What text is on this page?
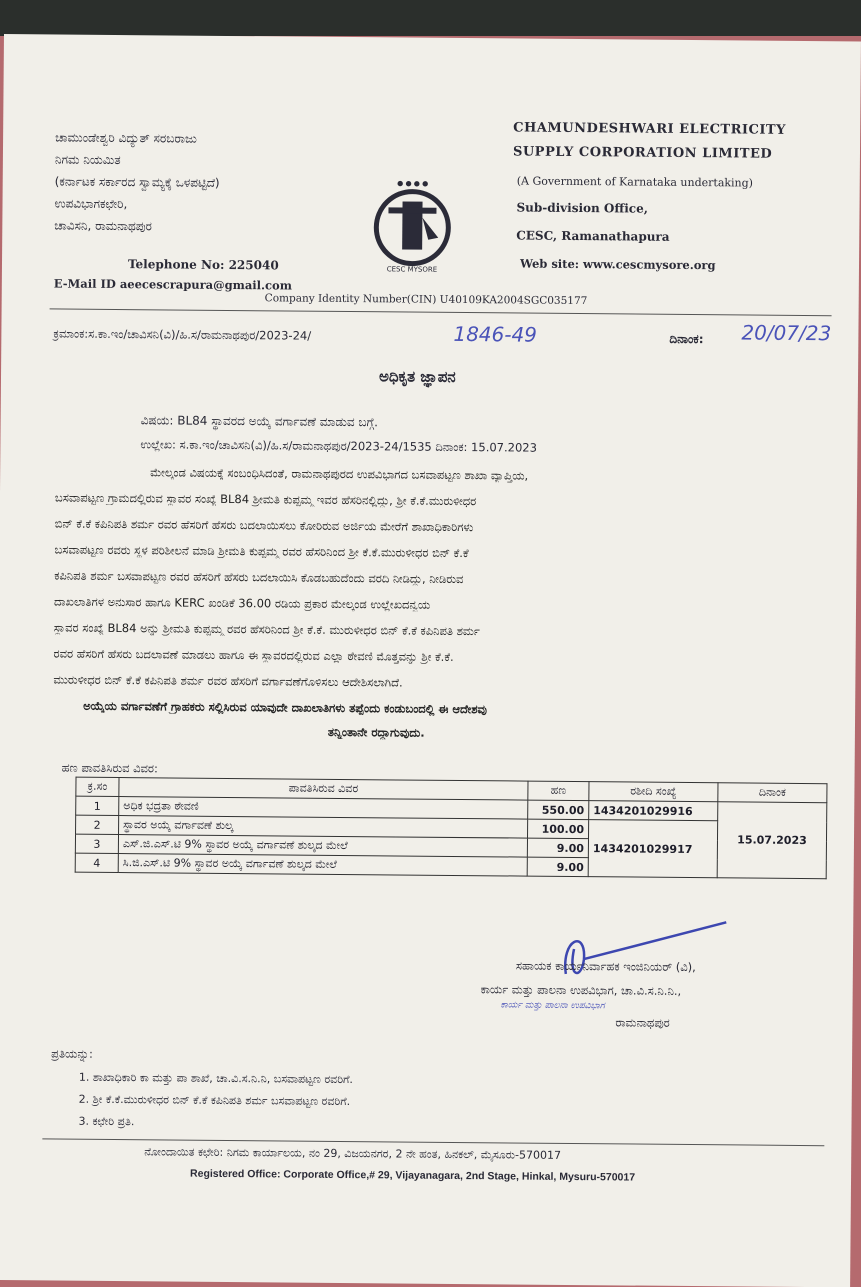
ಚಾಮುಂಡೇಶ್ವರಿ ವಿದ್ಯುತ್ ಸರಬರಾಜು
ನಿಗಮ ನಿಯಮಿತ
(ಕರ್ನಾಟಕ ಸರ್ಕಾರದ ಸ್ವಾಮ್ಯಕ್ಕೆ ಒಳಪಟ್ಟಿದೆ)
ಉಪವಿಭಾಗಕಛೇರಿ,
ಚಾವಿಸನಿ, ರಾಮನಾಥಪುರ
Telephone No: 225040
E-Mail ID aeecescrapura@gmail.com
● ● ● ●
CESC MYSORE
CHAMUNDESHWARI ELECTRICITY
SUPPLY CORPORATION LIMITED
(A Government of Karnataka undertaking)
Sub-division Office,
CESC, Ramanathapura
Web site: www.cescmysore.org
Company Identity Number(CIN) U40109KA2004SGC035177
ಕ್ರಮಾಂಕ:ಸ.ಕಾ.ಇಂ/ಚಾವಿಸನಿ(ವಿ)/ಹಿ.ಸ/ರಾಮನಾಥಪುರ/2023-24/	1846-49	ದಿನಾಂಕ: 20/07/23
ಅಧಿಕೃತ ಜ್ಞಾಪನ
ವಿಷಯ: BL84 ಸ್ಥಾವರದ ಅಯ್ಕೆ ವರ್ಗಾವಣೆ ಮಾಡುವ ಬಗ್ಗೆ.
ಉಲ್ಲೇಖ: ಸ.ಕಾ.ಇಂ/ಚಾವಿಸನಿ(ವಿ)/ಹಿ.ಸ/ರಾಮನಾಥಪುರ/2023-24/1535 ದಿನಾಂಕ: 15.07.2023
ಮೇಲ್ಕಂಡ ವಿಷಯಕ್ಕೆ ಸಂಬಂಧಿಸಿದಂತೆ, ರಾಮನಾಥಪುರದ ಉಪವಿಭಾಗದ ಬಸವಾಪಟ್ಟಣ ಶಾಖಾ ವ್ಯಾಪ್ತಿಯ,
ಬಸವಾಪಟ್ಟಣ ಗ್ರಾಮದಲ್ಲಿರುವ ಸ್ಥಾವರ ಸಂಖ್ಯೆ BL84 ಶ್ರೀಮತಿ ಕುಪ್ಪಮ್ಮ ಇವರ ಹೆಸರಿನಲ್ಲಿದ್ದು, ಶ್ರೀ ಕೆ.ಕೆ.ಮುರುಳೀಧರ
ಬಿನ್ ಕೆ.ಕೆ ಕಪಿನಿಪತಿ ಶರ್ಮ ರವರ ಹೆಸರಿಗೆ ಹೆಸರು ಬದಲಾಯಿಸಲು ಕೋರಿರುವ ಅರ್ಜಿಯ ಮೇರೆಗೆ ಶಾಖಾಧಿಕಾರಿಗಳು
ಬಸವಾಪಟ್ಟಣ ರವರು ಸ್ಥಳ ಪರಿಶೀಲನೆ ಮಾಡಿ ಶ್ರೀಮತಿ ಕುಪ್ಪಮ್ಮ ರವರ ಹೆಸರಿನಿಂದ ಶ್ರೀ ಕೆ.ಕೆ.ಮುರುಳೀಧರ ಬಿನ್ ಕೆ.ಕೆ
ಕಪಿನಿಪತಿ ಶರ್ಮ ಬಸವಾಪಟ್ಟಣ ರವರ ಹೆಸರಿಗೆ ಹೆಸರು ಬದಲಾಯಿಸಿ ಕೊಡಬಹುದೆಂದು ವರದಿ ನೀಡಿದ್ದು, ನೀಡಿರುವ
ದಾಖಲಾತಿಗಳ ಅನುಸಾರ ಹಾಗೂ KERC ಖಂಡಿಕೆ 36.00 ರಡಿಯ ಪ್ರಕಾರ ಮೇಲ್ಕಂಡ ಉಲ್ಲೇಖದನ್ವಯ
ಸ್ಥಾವರ ಸಂಖ್ಯೆ BL84 ಅನ್ನು ಶ್ರೀಮತಿ ಕುಪ್ಪಮ್ಮ ರವರ ಹೆಸರಿನಿಂದ ಶ್ರೀ ಕೆ.ಕೆ. ಮುರುಳೀಧರ ಬಿನ್ ಕೆ.ಕೆ ಕಪಿನಿಪತಿ ಶರ್ಮ
ರವರ ಹೆಸರಿಗೆ ಹೆಸರು ಬದಲಾವಣೆ ಮಾಡಲು ಹಾಗೂ ಈ ಸ್ಥಾವರದಲ್ಲಿರುವ ಎಲ್ಲಾ ಠೇವಣಿ ಮೊತ್ತವನ್ನು ಶ್ರೀ ಕೆ.ಕೆ.
ಮುರುಳೀಧರ ಬಿನ್ ಕೆ.ಕೆ ಕಪಿನಿಪತಿ ಶರ್ಮ ರವರ ಹೆಸರಿಗೆ ವರ್ಗಾವಣೆಗೊಳಿಸಲು ಆದೇಶಿಸಲಾಗಿದೆ.
ಅಯ್ಕೆಯ ವರ್ಗಾವಣೆಗೆ ಗ್ರಾಹಕರು ಸಲ್ಲಿಸಿರುವ ಯಾವುದೇ ದಾಖಲಾತಿಗಳು ತಪ್ಪೆಂದು ಕಂಡುಬಂದಲ್ಲಿ ಈ ಆದೇಶವು
ತನ್ನಿಂತಾನೇ ರದ್ದಾಗುವುದು.
ಹಣ ಪಾವತಿಸಿರುವ ವಿವರ:
ಕ್ರ.ಸಂ	ಪಾವತಿಸಿರುವ ವಿವರ	ಹಣ	ರಶೀದಿ ಸಂಖ್ಯೆ	ದಿನಾಂಕ
1	ಅಧಿಕ ಭದ್ರತಾ ಠೇವಣಿ	550.00	1434201029916	15.07.2023
2	ಸ್ಥಾವರ ಅಯ್ಕೆ ವರ್ಗಾವಣೆ ಶುಲ್ಕ	100.00	1434201029917	
3	ಎಸ್.ಜಿ.ಎಸ್.ಟಿ 9% ಸ್ಥಾವರ ಅಯ್ಕೆ ವರ್ಗಾವಣೆ ಶುಲ್ಕದ ಮೇಲೆ	9.00		
4	ಸಿ.ಜಿ.ಎಸ್.ಟಿ 9% ಸ್ಥಾವರ ಅಯ್ಕೆ ವರ್ಗಾವಣೆ ಶುಲ್ಕದ ಮೇಲೆ	9.00		
ಸಹಾಯಕ ಕಾರ್ಯನಿರ್ವಾಹಕ ಇಂಜಿನಿಯರ್ (ವಿ),
ಕಾರ್ಯ ಮತ್ತು ಪಾಲನಾ ಉಪವಿಭಾಗ, ಚಾ.ವಿ.ಸ.ನಿ.ನಿ.,
ಕಾರ್ಯ ಮತ್ತು ಪಾಲನಾ ಉಪವಿಭಾಗ
ರಾಮನಾಥಪುರ
ಪ್ರತಿಯನ್ನು:
1. ಶಾಖಾಧಿಕಾರಿ ಕಾ ಮತ್ತು ಪಾ ಶಾಖೆ, ಚಾ.ವಿ.ಸ.ನಿ.ನಿ, ಬಸವಾಪಟ್ಟಣ ರವರಿಗೆ.
2. ಶ್ರೀ ಕೆ.ಕೆ.ಮುರುಳೀಧರ ಬಿನ್ ಕೆ.ಕೆ ಕಪಿನಿಪತಿ ಶರ್ಮ ಬಸವಾಪಟ್ಟಣ ರವರಿಗೆ.
3. ಕಛೇರಿ ಪ್ರತಿ.
ನೋಂದಾಯಿತ ಕಛೇರಿ: ನಿಗಮ ಕಾರ್ಯಾಲಯ, ನಂ 29, ವಿಜಯನಗರ, 2 ನೇ ಹಂತ, ಹಿನಕಲ್, ಮೈಸೂರು-570017
Registered Office: Corporate Office,# 29, Vijayanagara, 2nd Stage, Hinkal, Mysuru-570017
